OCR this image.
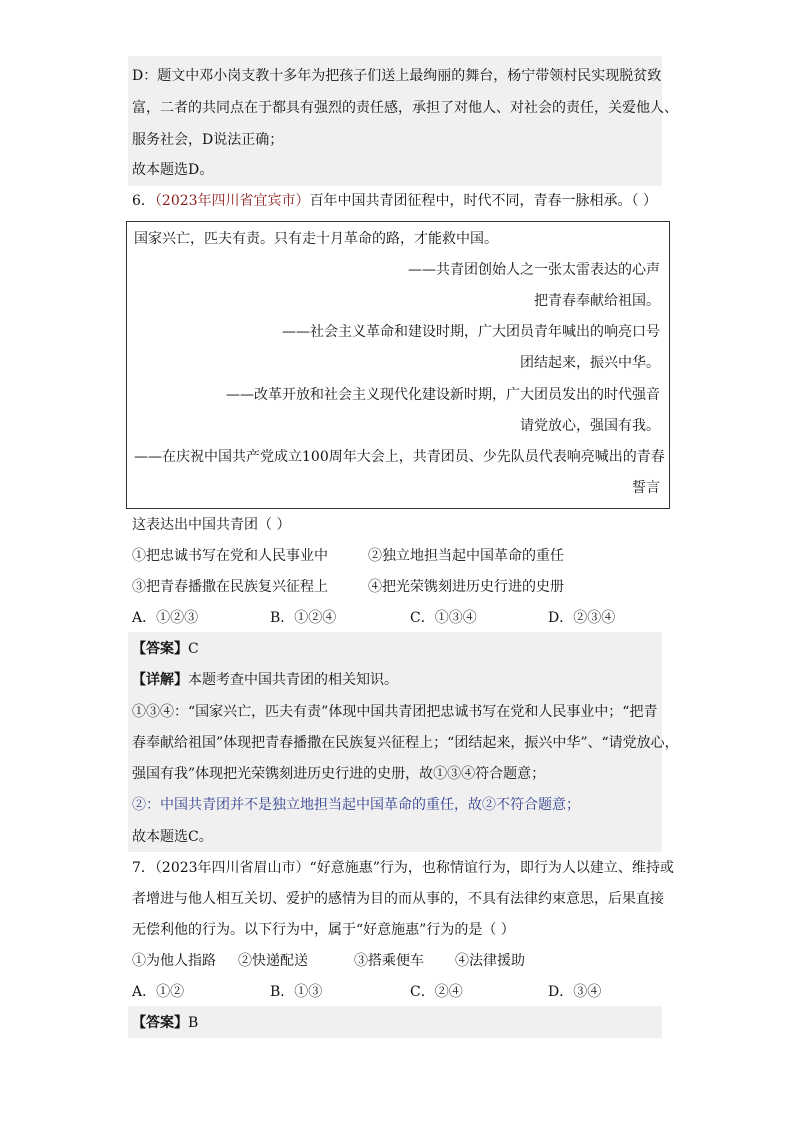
D：题文中邓小岗支教十多年为把孩子们送上最绚丽的舞台，杨宁带领村民实现脱贫致
富，二者的共同点在于都具有强烈的责任感，承担了对他人、对社会的责任，关爱他人、
服务社会，D说法正确；
故本题选D。
6．（2023年四川省宜宾市）百年中国共青团征程中，时代不同，青春一脉相承。（ ）
国家兴亡，匹夫有责。只有走十月革命的路，才能救中国。
——共青团创始人之一张太雷表达的心声
把青春奉献给祖国。
——社会主义革命和建设时期，广大团员青年喊出的响亮口号
团结起来，振兴中华。
——改革开放和社会主义现代化建设新时期，广大团员发出的时代强音
请党放心，强国有我。
——在庆祝中国共产党成立100周年大会上，共青团员、少先队员代表响亮喊出的青春
誓言
这表达出中国共青团（ ）
①把忠诚书写在党和人民事业中	②独立地担当起中国革命的重任
③把青春播撒在民族复兴征程上	④把光荣镌刻进历史行进的史册
A．①②③	B．①②④	C．①③④	D．②③④
【答案】C
【详解】本题考查中国共青团的相关知识。
①③④：“国家兴亡，匹夫有责”体现中国共青团把忠诚书写在党和人民事业中；“把青
春奉献给祖国”体现把青春播撒在民族复兴征程上；“团结起来，振兴中华”、“请党放心，
强国有我”体现把光荣镌刻进历史行进的史册，故①③④符合题意；
②：中国共青团并不是独立地担当起中国革命的重任，故②不符合题意；
故本题选C。
7．（2023年四川省眉山市）“好意施惠”行为，也称情谊行为，即行为人以建立、维持或
者增进与他人相互关切、爱护的感情为目的而从事的，不具有法律约束意思，后果直接
无偿利他的行为。以下行为中，属于“好意施惠”行为的是（ ）
①为他人指路 ②快递配送	③搭乘便车 ④法律援助
A．①②	B．①③	C．②④	D．③④
【答案】B
